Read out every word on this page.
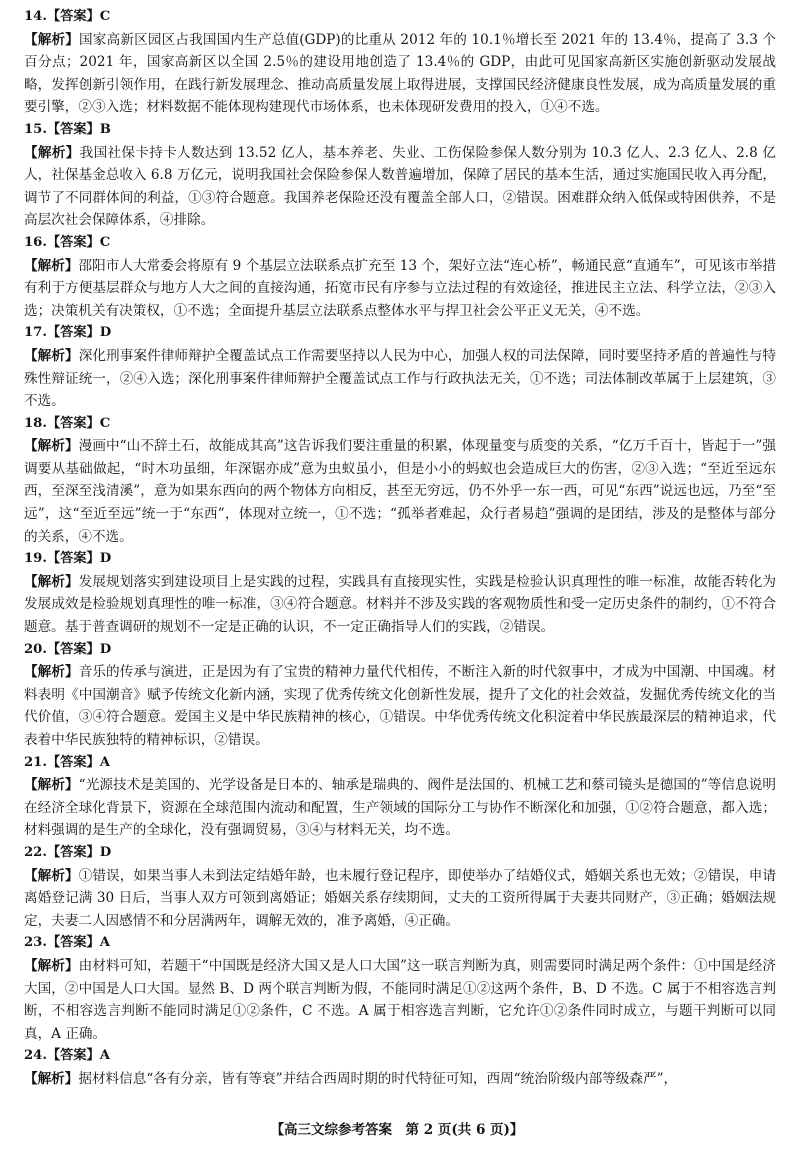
14.【答案】C
【解析】国家高新区园区占我国国内生产总值(GDP)的比重从 2012 年的 10.1％增长至 2021 年的 13.4％，提高了 3.3 个百分点；2021 年，国家高新区以全国 2.5％的建设用地创造了 13.4％的 GDP，由此可见国家高新区实施创新驱动发展战略，发挥创新引领作用，在践行新发展理念、推动高质量发展上取得进展，支撑国民经济健康良性发展，成为高质量发展的重要引擎，②③入选；材料数据不能体现构建现代市场体系，也未体现研发费用的投入，①④不选。
15.【答案】B
【解析】我国社保卡持卡人数达到 13.52 亿人，基本养老、失业、工伤保险参保人数分别为 10.3 亿人、2.3 亿人、2.8 亿人，社保基金总收入 6.8 万亿元，说明我国社会保险参保人数普遍增加，保障了居民的基本生活，通过实施国民收入再分配，调节了不同群体间的利益，①③符合题意。我国养老保险还没有覆盖全部人口，②错误。困难群众纳入低保或特困供养，不是高层次社会保障体系，④排除。
16.【答案】C
【解析】邵阳市人大常委会将原有 9 个基层立法联系点扩充至 13 个，架好立法“连心桥”，畅通民意“直通车”，可见该市举措有利于方便基层群众与地方人大之间的直接沟通，拓宽市民有序参与立法过程的有效途径，推进民主立法、科学立法，②③入选；决策机关有决策权，①不选；全面提升基层立法联系点整体水平与捍卫社会公平正义无关，④不选。
17.【答案】D
【解析】深化刑事案件律师辩护全覆盖试点工作需要坚持以人民为中心，加强人权的司法保障，同时要坚持矛盾的普遍性与特殊性辩证统一，②④入选；深化刑事案件律师辩护全覆盖试点工作与行政执法无关，①不选；司法体制改革属于上层建筑，③不选。
18.【答案】C
【解析】漫画中“山不辞土石，故能成其高”这告诉我们要注重量的积累，体现量变与质变的关系，“亿万千百十，皆起于一”强调要从基础做起，“时木功虽细，年深锯亦成”意为虫蚁虽小，但是小小的蚂蚁也会造成巨大的伤害，②③入选；“至近至远东西，至深至浅清溪”，意为如果东西向的两个物体方向相反，甚至无穷远，仍不外乎一东一西，可见“东西”说远也远，乃至“至远”，这“至近至远”统一于“东西”，体现对立统一，①不选；“孤举者难起，众行者易趋”强调的是团结，涉及的是整体与部分的关系，④不选。
19.【答案】D
【解析】发展规划落实到建设项目上是实践的过程，实践具有直接现实性，实践是检验认识真理性的唯一标准，故能否转化为发展成效是检验规划真理性的唯一标准，③④符合题意。材料并不涉及实践的客观物质性和受一定历史条件的制约，①不符合题意。基于普查调研的规划不一定是正确的认识，不一定正确指导人们的实践，②错误。
20.【答案】D
【解析】音乐的传承与演进，正是因为有了宝贵的精神力量代代相传，不断注入新的时代叙事中，才成为中国潮、中国魂。材料表明《中国潮音》赋予传统文化新内涵，实现了优秀传统文化创新性发展，提升了文化的社会效益，发掘优秀传统文化的当代价值，③④符合题意。爱国主义是中华民族精神的核心，①错误。中华优秀传统文化积淀着中华民族最深层的精神追求，代表着中华民族独特的精神标识，②错误。
21.【答案】A
【解析】“光源技术是美国的、光学设备是日本的、轴承是瑞典的、阀件是法国的、机械工艺和蔡司镜头是德国的”等信息说明在经济全球化背景下，资源在全球范围内流动和配置，生产领域的国际分工与协作不断深化和加强，①②符合题意，都入选；材料强调的是生产的全球化，没有强调贸易，③④与材料无关，均不选。
22.【答案】D
【解析】①错误，如果当事人未到法定结婚年龄，也未履行登记程序，即使举办了结婚仪式，婚姻关系也无效；②错误，申请离婚登记满 30 日后，当事人双方可领到离婚证；婚姻关系存续期间，丈夫的工资所得属于夫妻共同财产，③正确；婚姻法规定，夫妻二人因感情不和分居满两年，调解无效的，准予离婚，④正确。
23.【答案】A
【解析】由材料可知，若题干“中国既是经济大国又是人口大国”这一联言判断为真，则需要同时满足两个条件：①中国是经济大国，②中国是人口大国。显然 B、D 两个联言判断为假，不能同时满足①②这两个条件，B、D 不选。C 属于不相容选言判断，不相容选言判断不能同时满足①②条件，C 不选。A 属于相容选言判断，它允许①②条件同时成立，与题干判断可以同真，A 正确。
24.【答案】A
【解析】据材料信息“各有分亲，皆有等衰”并结合西周时期的时代特征可知，西周“统治阶级内部等级森严”，
【高三文综参考答案　第 2 页(共 6 页)】
